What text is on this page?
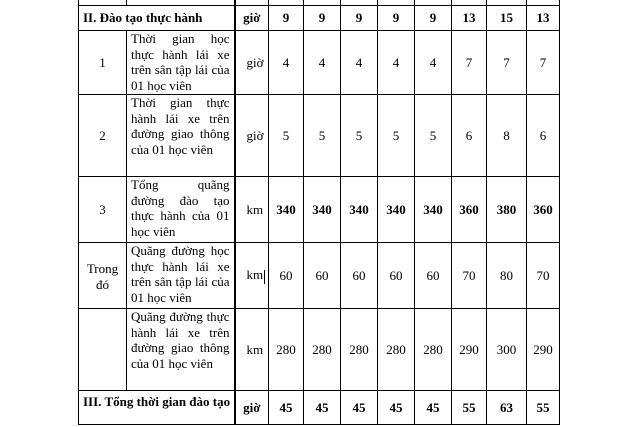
II. Đào tạo thực hành		giờ	9	9	9	9	9	13	15	13
1	Thời gian học thực hành lái xe trên sân tập lái của 01 học viên	giờ	4	4	4	4	4	7	7	7
2	Thời gian thực hành lái xe trên đường giao thông của 01 học viên	giờ	5	5	5	5	5	6	8	6
3	Tổng quãng đường đào tạo thực hành của 01 học viên	km	340	340	340	340	340	360	380	360
Trong đó	Quãng đường học thực hành lái xe trên sân tập lái của 01 học viên	km	60	60	60	60	60	70	80	70
	Quãng đường thực hành lái xe trên đường giao thông của 01 học viên	km	280	280	280	280	280	290	300	290
III. Tổng thời gian đào tạo		giờ	45	45	45	45	45	55	63	55
